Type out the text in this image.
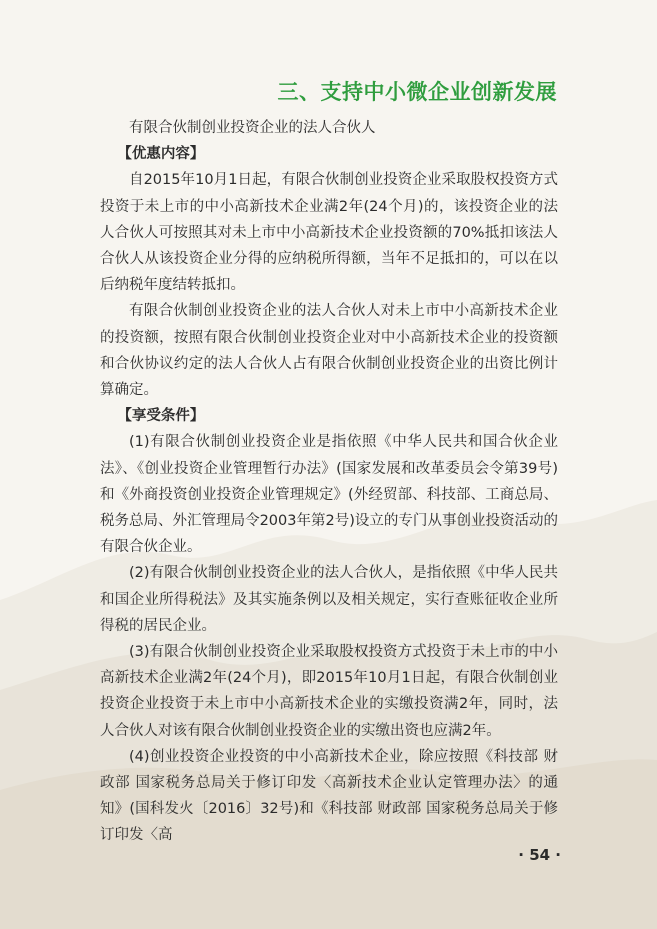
三、支持中小微企业创新发展

有限合伙制创业投资企业的法人合伙人

【优惠内容】

自2015年10月1日起，有限合伙制创业投资企业采取股权投资方式投资于未上市的中小高新技术企业满2年(24个月)的，该投资企业的法人合伙人可按照其对未上市中小高新技术企业投资额的70%抵扣该法人合伙人从该投资企业分得的应纳税所得额，当年不足抵扣的，可以在以后纳税年度结转抵扣。

有限合伙制创业投资企业的法人合伙人对未上市中小高新技术企业的投资额，按照有限合伙制创业投资企业对中小高新技术企业的投资额和合伙协议约定的法人合伙人占有限合伙制创业投资企业的出资比例计算确定。

【享受条件】

(1)有限合伙制创业投资企业是指依照《中华人民共和国合伙企业法》、《创业投资企业管理暂行办法》(国家发展和改革委员会令第39号)和《外商投资创业投资企业管理规定》(外经贸部、科技部、工商总局、税务总局、外汇管理局令2003年第2号)设立的专门从事创业投资活动的有限合伙企业。

(2)有限合伙制创业投资企业的法人合伙人，是指依照《中华人民共和国企业所得税法》及其实施条例以及相关规定，实行查账征收企业所得税的居民企业。

(3)有限合伙制创业投资企业采取股权投资方式投资于未上市的中小高新技术企业满2年(24个月)，即2015年10月1日起，有限合伙制创业投资企业投资于未上市中小高新技术企业的实缴投资满2年，同时，法人合伙人对该有限合伙制创业投资企业的实缴出资也应满2年。

(4)创业投资企业投资的中小高新技术企业，除应按照《科技部 财政部 国家税务总局关于修订印发〈高新技术企业认定管理办法〉的通知》(国科发火〔2016〕32号)和《科技部 财政部 国家税务总局关于修订印发〈高

· 54 ·
